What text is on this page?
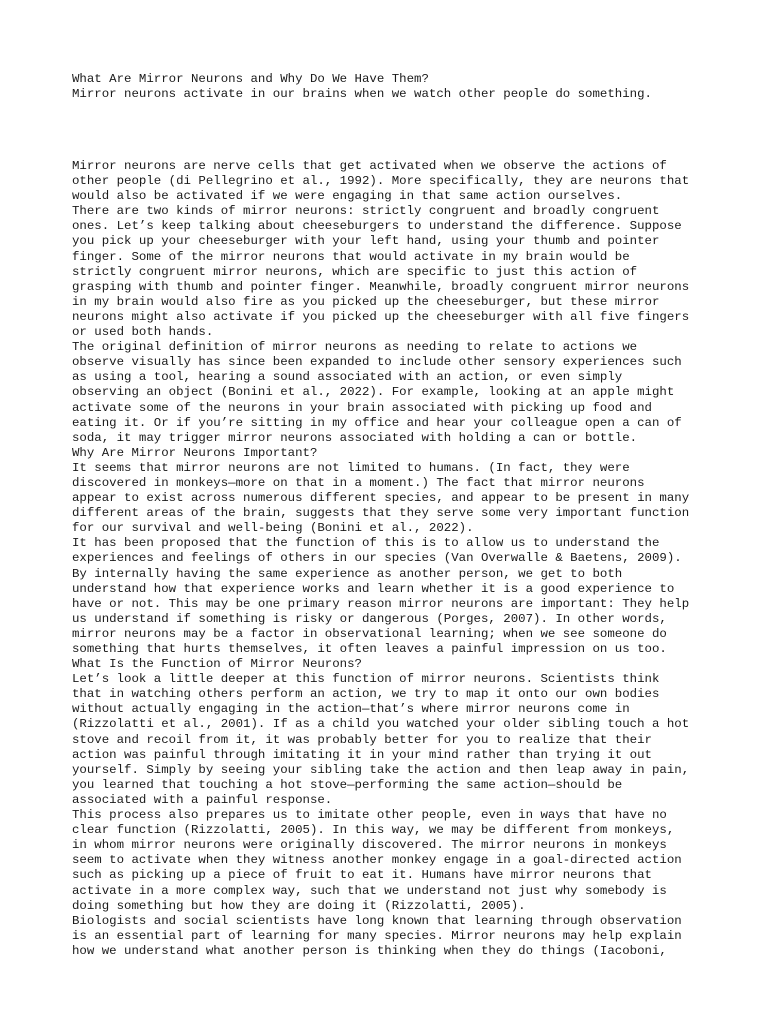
What Are Mirror Neurons and Why Do We Have Them?
Mirror neurons activate in our brains when we watch other people do something.
Mirror neurons are nerve cells that get activated when we observe the actions of
other people (di Pellegrino et al., 1992). More specifically, they are neurons that
would also be activated if we were engaging in that same action ourselves.
There are two kinds of mirror neurons: strictly congruent and broadly congruent
ones. Let’s keep talking about cheeseburgers to understand the difference. Suppose
you pick up your cheeseburger with your left hand, using your thumb and pointer
finger. Some of the mirror neurons that would activate in my brain would be
strictly congruent mirror neurons, which are specific to just this action of
grasping with thumb and pointer finger. Meanwhile, broadly congruent mirror neurons
in my brain would also fire as you picked up the cheeseburger, but these mirror
neurons might also activate if you picked up the cheeseburger with all five fingers
or used both hands.
The original definition of mirror neurons as needing to relate to actions we
observe visually has since been expanded to include other sensory experiences such
as using a tool, hearing a sound associated with an action, or even simply
observing an object (Bonini et al., 2022). For example, looking at an apple might
activate some of the neurons in your brain associated with picking up food and
eating it. Or if you’re sitting in my office and hear your colleague open a can of
soda, it may trigger mirror neurons associated with holding a can or bottle.
Why Are Mirror Neurons Important?
It seems that mirror neurons are not limited to humans. (In fact, they were
discovered in monkeys—more on that in a moment.) The fact that mirror neurons
appear to exist across numerous different species, and appear to be present in many
different areas of the brain, suggests that they serve some very important function
for our survival and well-being (Bonini et al., 2022).
It has been proposed that the function of this is to allow us to understand the
experiences and feelings of others in our species (Van Overwalle & Baetens, 2009).
By internally having the same experience as another person, we get to both
understand how that experience works and learn whether it is a good experience to
have or not. This may be one primary reason mirror neurons are important: They help
us understand if something is risky or dangerous (Porges, 2007). In other words,
mirror neurons may be a factor in observational learning; when we see someone do
something that hurts themselves, it often leaves a painful impression on us too.
What Is the Function of Mirror Neurons?
Let’s look a little deeper at this function of mirror neurons. Scientists think
that in watching others perform an action, we try to map it onto our own bodies
without actually engaging in the action—that’s where mirror neurons come in
(Rizzolatti et al., 2001). If as a child you watched your older sibling touch a hot
stove and recoil from it, it was probably better for you to realize that their
action was painful through imitating it in your mind rather than trying it out
yourself. Simply by seeing your sibling take the action and then leap away in pain,
you learned that touching a hot stove—performing the same action—should be
associated with a painful response.
This process also prepares us to imitate other people, even in ways that have no
clear function (Rizzolatti, 2005). In this way, we may be different from monkeys,
in whom mirror neurons were originally discovered. The mirror neurons in monkeys
seem to activate when they witness another monkey engage in a goal-directed action
such as picking up a piece of fruit to eat it. Humans have mirror neurons that
activate in a more complex way, such that we understand not just why somebody is
doing something but how they are doing it (Rizzolatti, 2005).
Biologists and social scientists have long known that learning through observation
is an essential part of learning for many species. Mirror neurons may help explain
how we understand what another person is thinking when they do things (Iacoboni,
